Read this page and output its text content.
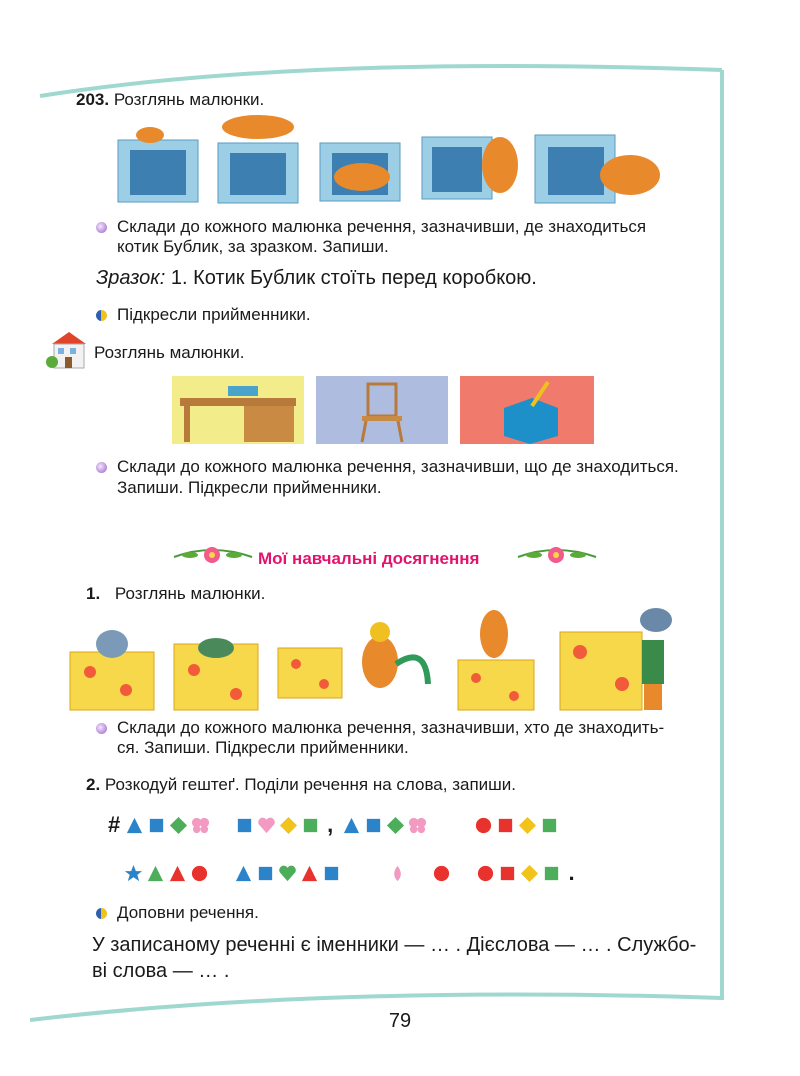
203. Розглянь малюнки.
Склади до кожного малюнка речення, зазначивши, де знаходиться
котик Бублик, за зразком. Запиши.
Зразок: 1. Котик Бублик стоїть перед коробкою.
Підкресли прийменники.
Розглянь малюнки.
Склади до кожного малюнка речення, зазначивши, що де знаходиться.
Запиши. Підкресли прийменники.
Мої навчальні досягнення
1. Розглянь малюнки.
Склади до кожного малюнка речення, зазначивши, хто де знаходить-
ся. Запиши. Підкресли прийменники.
2. Розкодуй гештеґ. Поділи речення на слова, запиши.
#	,
.
Доповни речення.
У записаному реченні є іменники — … . Дієслова — … . Службо-
ві слова — … .
79
